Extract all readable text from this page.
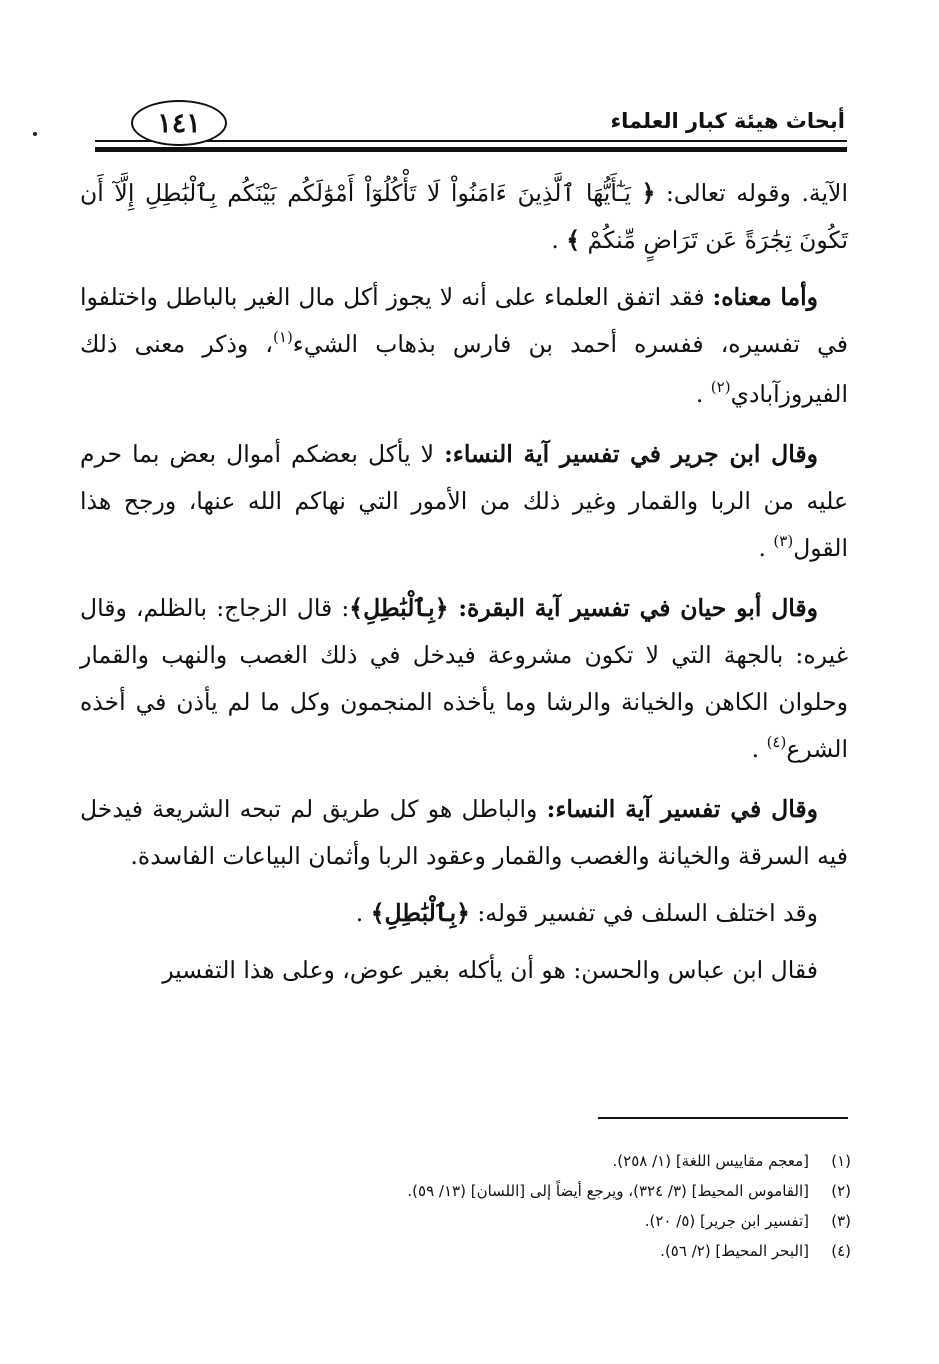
١٤١	أبحاث هيئة كبار العلماء

الآية. وقوله تعالى: ﴿ يَـٰٓأَيُّهَا ٱلَّذِينَ ءَامَنُواْ لَا تَأْكُلُوٓاْ أَمْوَٰلَكُم بَيْنَكُم بِٱلْبَٰطِلِ إِلَّآ أَن تَكُونَ تِجَٰرَةً عَن تَرَاضٍ مِّنكُمْ ﴾ .

وأما معناه: فقد اتفق العلماء على أنه لا يجوز أكل مال الغير بالباطل واختلفوا في تفسيره، ففسره أحمد بن فارس بذهاب الشيء$^{(١)}$، وذكر معنى ذلك الفيروزآبادي$^{(٢)}$ .

وقال ابن جرير في تفسير آية النساء: لا يأكل بعضكم أموال بعض بما حرم عليه من الربا والقمار وغير ذلك من الأمور التي نهاكم الله عنها، ورجح هذا القول$^{(٣)}$ .

وقال أبو حيان في تفسير آية البقرة: ﴿بِٱلْبَٰطِلِ﴾: قال الزجاج: بالظلم، وقال غيره: بالجهة التي لا تكون مشروعة فيدخل في ذلك الغصب والنهب والقمار وحلوان الكاهن والخيانة والرشا وما يأخذه المنجمون وكل ما لم يأذن في أخذه الشرع$^{(٤)}$ .

وقال في تفسير آية النساء: والباطل هو كل طريق لم تبحه الشريعة فيدخل فيه السرقة والخيانة والغصب والقمار وعقود الربا وأثمان البياعات الفاسدة.

وقد اختلف السلف في تفسير قوله: ﴿بِٱلْبَٰطِلِ﴾ .

فقال ابن عباس والحسن: هو أن يأكله بغير عوض، وعلى هذا التفسير

(١)[معجم مقاييس اللغة] (١/ ٢٥٨).
(٢)[القاموس المحيط] (٣/ ٣٢٤)، ويرجع أيضاً إلى [اللسان] (١٣/ ٥٩).
(٣)[تفسير ابن جرير] (٥/ ٢٠).
(٤)[البحر المحيط] (٢/ ٥٦).
